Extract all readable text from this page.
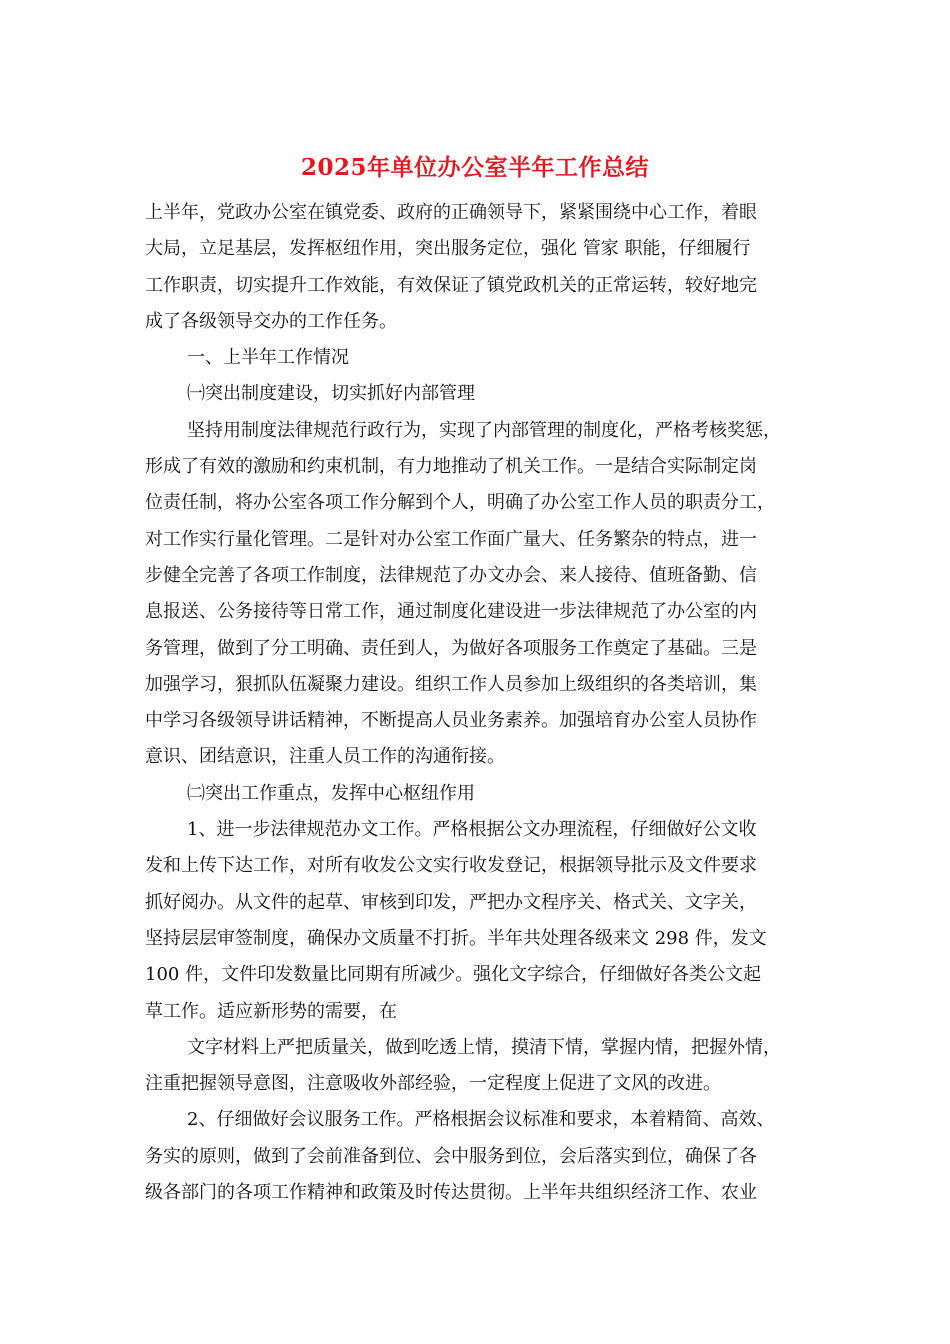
2025年单位办公室半年工作总结
上半年，党政办公室在镇党委、政府的正确领导下，紧紧围绕中心工作，着眼
大局，立足基层，发挥枢纽作用，突出服务定位，强化 管家 职能，仔细履行
工作职责，切实提升工作效能，有效保证了镇党政机关的正常运转，较好地完
成了各级领导交办的工作任务。
一、上半年工作情况
㈠突出制度建设，切实抓好内部管理
坚持用制度法律规范行政行为，实现了内部管理的制度化，严格考核奖惩，
形成了有效的激励和约束机制，有力地推动了机关工作。一是结合实际制定岗
位责任制，将办公室各项工作分解到个人，明确了办公室工作人员的职责分工，
对工作实行量化管理。二是针对办公室工作面广量大、任务繁杂的特点，进一
步健全完善了各项工作制度，法律规范了办文办会、来人接待、值班备勤、信
息报送、公务接待等日常工作，通过制度化建设进一步法律规范了办公室的内
务管理，做到了分工明确、责任到人，为做好各项服务工作奠定了基础。三是
加强学习，狠抓队伍凝聚力建设。组织工作人员参加上级组织的各类培训，集
中学习各级领导讲话精神，不断提高人员业务素养。加强培育办公室人员协作
意识、团结意识，注重人员工作的沟通衔接。
㈡突出工作重点，发挥中心枢纽作用
1、进一步法律规范办文工作。严格根据公文办理流程，仔细做好公文收
发和上传下达工作，对所有收发公文实行收发登记，根据领导批示及文件要求
抓好阅办。从文件的起草、审核到印发，严把办文程序关、格式关、文字关，
坚持层层审签制度，确保办文质量不打折。半年共处理各级来文 298 件，发文
100 件，文件印发数量比同期有所减少。强化文字综合，仔细做好各类公文起
草工作。适应新形势的需要，在
文字材料上严把质量关，做到吃透上情，摸清下情，掌握内情，把握外情，
注重把握领导意图，注意吸收外部经验，一定程度上促进了文风的改进。
2、仔细做好会议服务工作。严格根据会议标准和要求，本着精简、高效、
务实的原则，做到了会前准备到位、会中服务到位，会后落实到位，确保了各
级各部门的各项工作精神和政策及时传达贯彻。上半年共组织经济工作、农业
